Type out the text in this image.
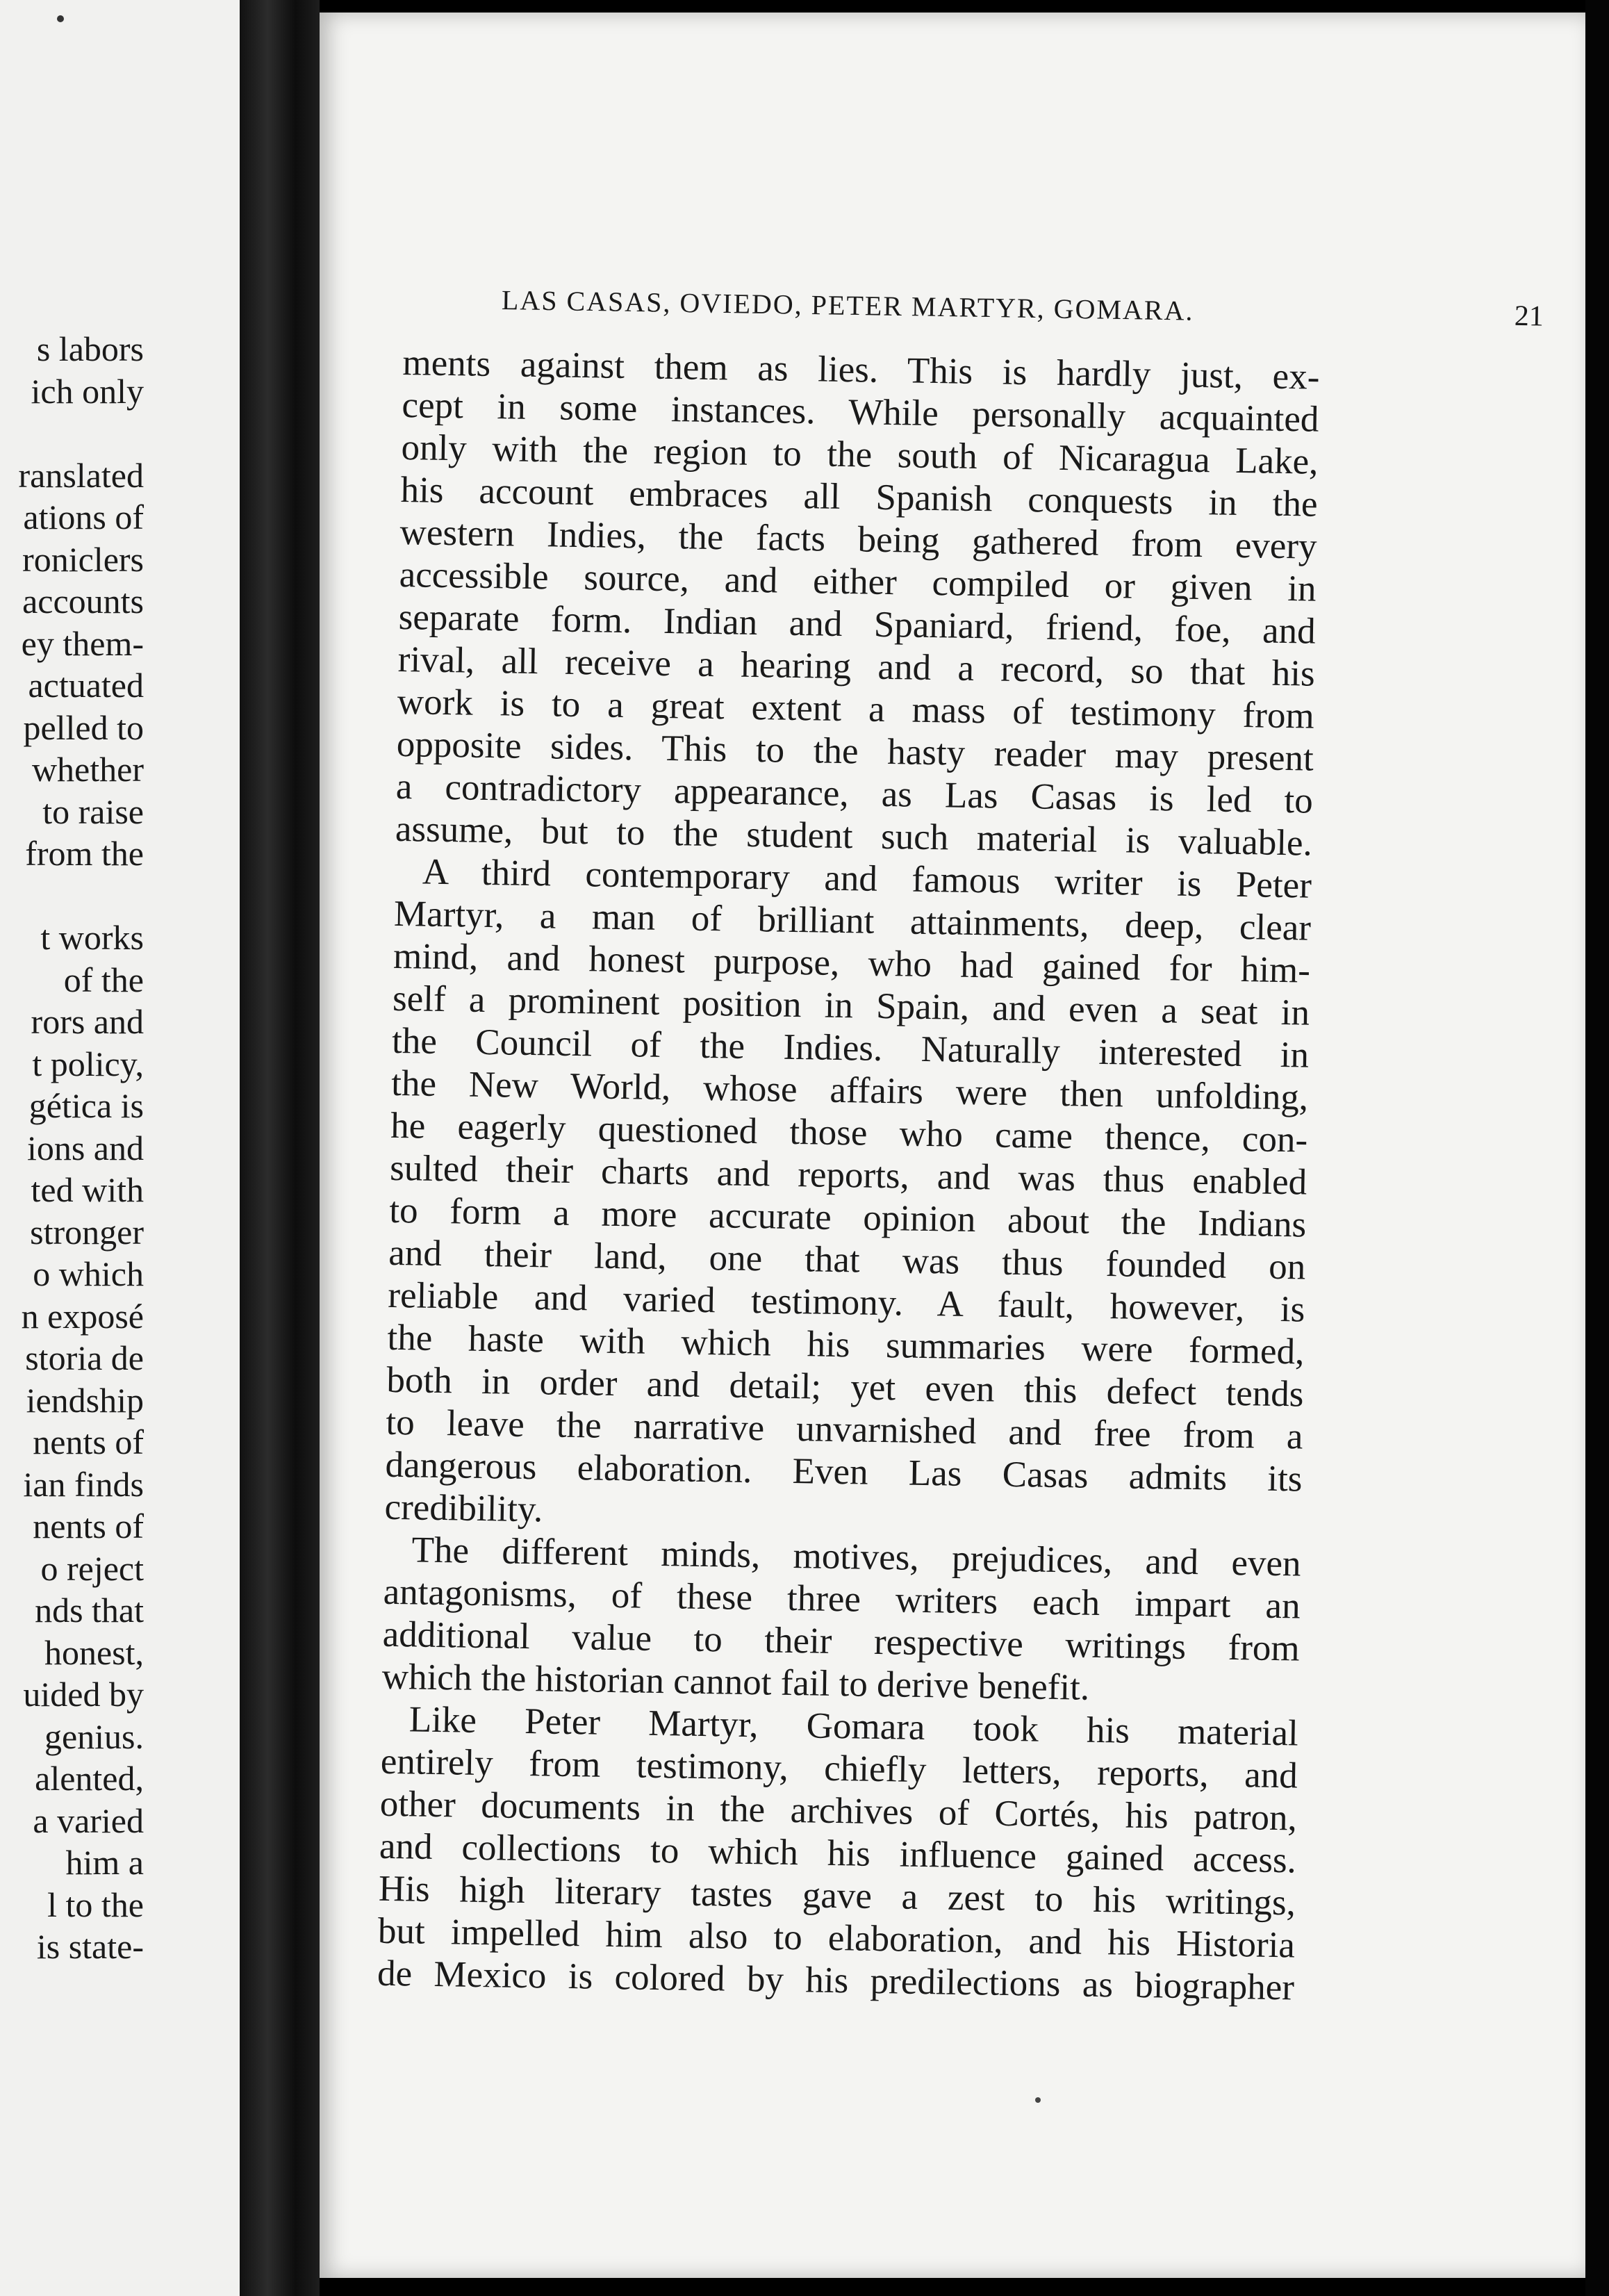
s labors
ich only

ranslated
ations of
roniclers
accounts
ey them-
actuated
pelled to
whether
to raise
from the

t works
of the
rors and
t policy,
gética is
ions and
ted with
stronger
o which
n exposé
storia de
iendship
nents of
ian finds
nents of
o reject
nds that
honest,
uided by
genius.
alented,
a varied
him a
l to the
is state-
LAS CASAS, OVIEDO, PETER MARTYR, GOMARA.	21
ments against them as lies. This is hardly just, ex-
cept in some instances. While personally acquainted
only with the region to the south of Nicaragua Lake,
his account embraces all Spanish conquests in the
western Indies, the facts being gathered from every
accessible source, and either compiled or given in
separate form. Indian and Spaniard, friend, foe, and
rival, all receive a hearing and a record, so that his
work is to a great extent a mass of testimony from
opposite sides. This to the hasty reader may present
a contradictory appearance, as Las Casas is led to
assume, but to the student such material is valuable.
A third contemporary and famous writer is Peter
Martyr, a man of brilliant attainments, deep, clear
mind, and honest purpose, who had gained for him-
self a prominent position in Spain, and even a seat in
the Council of the Indies. Naturally interested in
the New World, whose affairs were then unfolding,
he eagerly questioned those who came thence, con-
sulted their charts and reports, and was thus enabled
to form a more accurate opinion about the Indians
and their land, one that was thus founded on
reliable and varied testimony. A fault, however, is
the haste with which his summaries were formed,
both in order and detail; yet even this defect tends
to leave the narrative unvarnished and free from a
dangerous elaboration. Even Las Casas admits its
credibility.
The different minds, motives, prejudices, and even
antagonisms, of these three writers each impart an
additional value to their respective writings from
which the historian cannot fail to derive benefit.
Like Peter Martyr, Gomara took his material
entirely from testimony, chiefly letters, reports, and
other documents in the archives of Cortés, his patron,
and collections to which his influence gained access.
His high literary tastes gave a zest to his writings,
but impelled him also to elaboration, and his Historia
de Mexico is colored by his predilections as biographer
